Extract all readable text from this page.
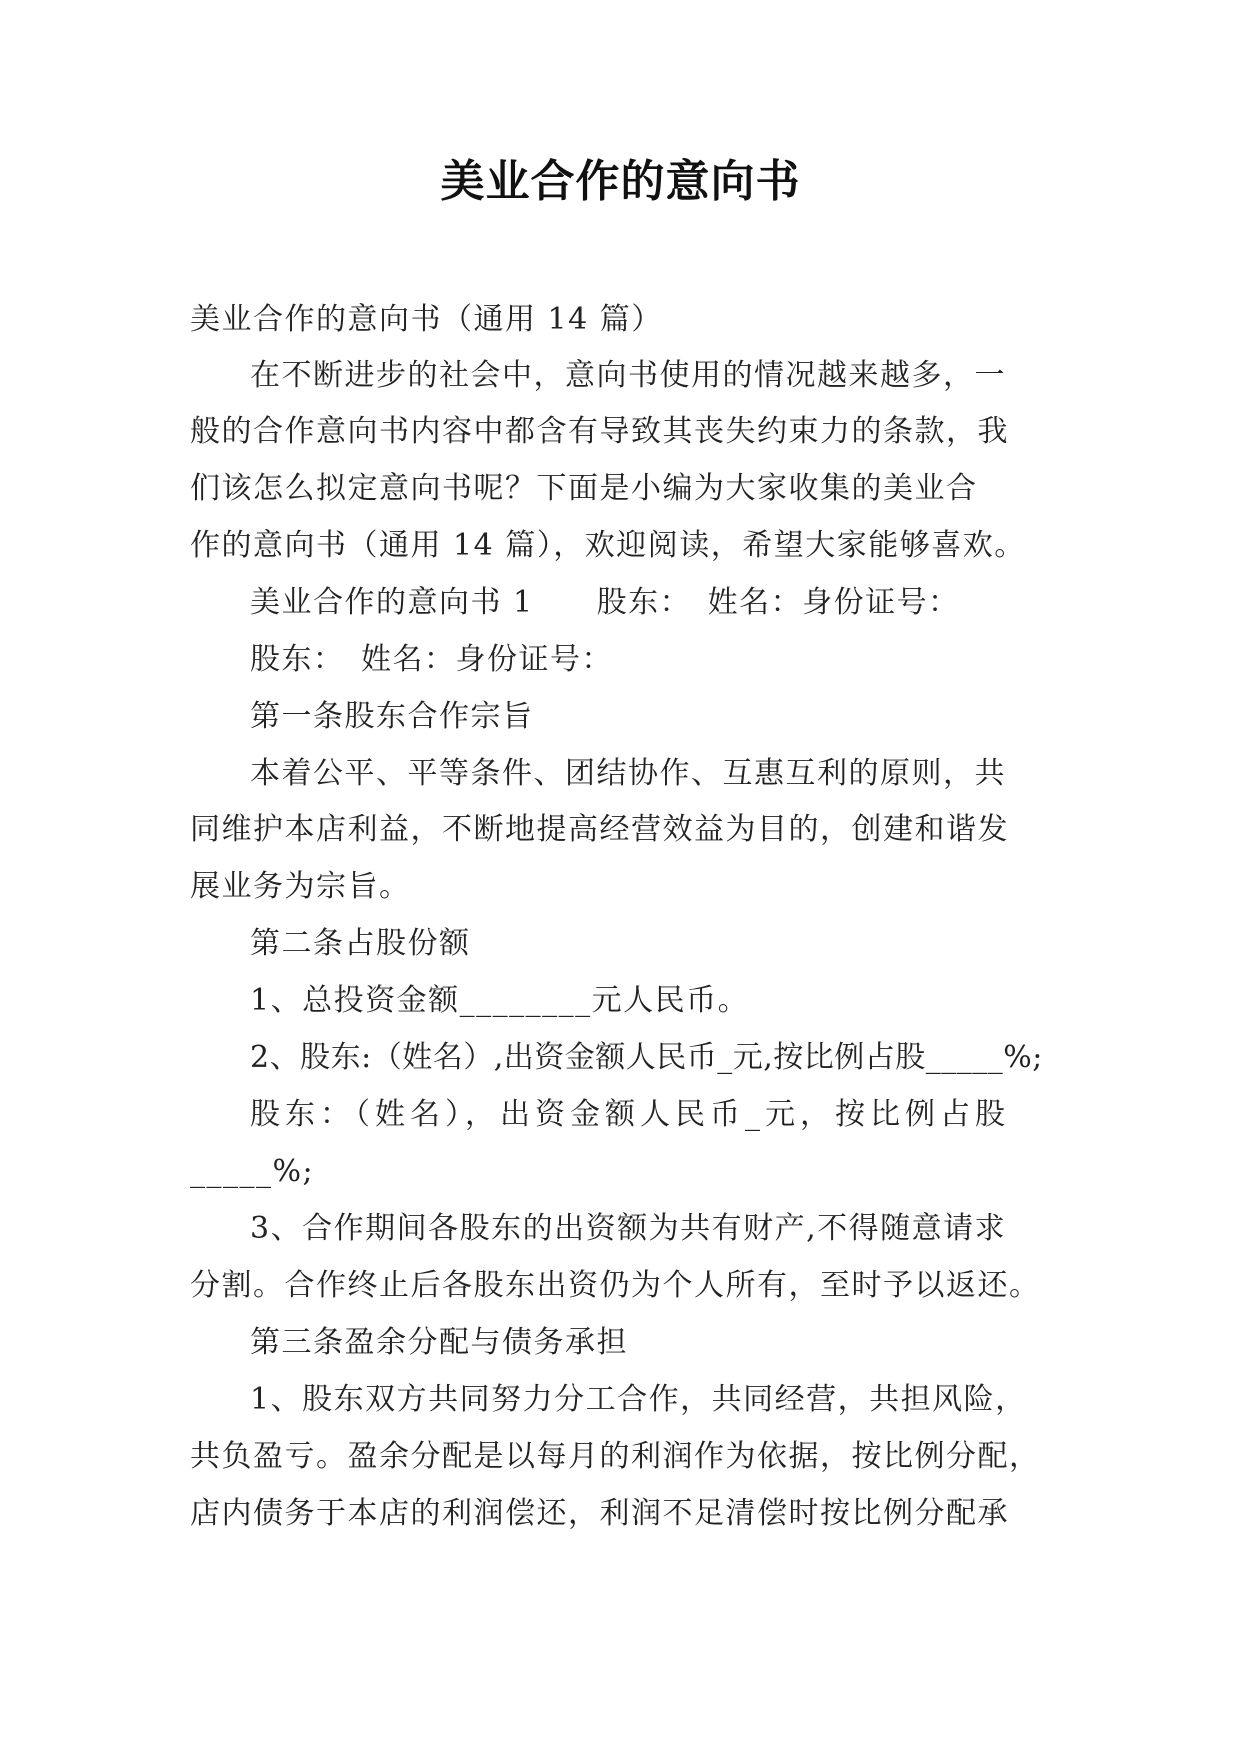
美业合作的意向书
美业合作的意向书（通用 14 篇）
在不断进步的社会中，意向书使用的情况越来越多，一
般的合作意向书内容中都含有导致其丧失约束力的条款，我
们该怎么拟定意向书呢？下面是小编为大家收集的美业合
作的意向书（通用 14 篇），欢迎阅读，希望大家能够喜欢。
美业合作的意向书 1　　股东：　姓名：身份证号：
股东：　姓名：身份证号：
第一条股东合作宗旨
本着公平、平等条件、团结协作、互惠互利的原则，共
同维护本店利益，不断地提高经营效益为目的，创建和谐发
展业务为宗旨。
第二条占股份额
1、总投资金额________元人民币。
2、股东:（姓名）,出资金额人民币_元,按比例占股_____%;
股东：（姓名），出资金额人民币_元，按比例占股
_____%;
3、合作期间各股东的出资额为共有财产,不得随意请求
分割。合作终止后各股东出资仍为个人所有，至时予以返还。
第三条盈余分配与债务承担
1、股东双方共同努力分工合作，共同经营，共担风险，
共负盈亏。盈余分配是以每月的利润作为依据，按比例分配，
店内债务于本店的利润偿还，利润不足清偿时按比例分配承
